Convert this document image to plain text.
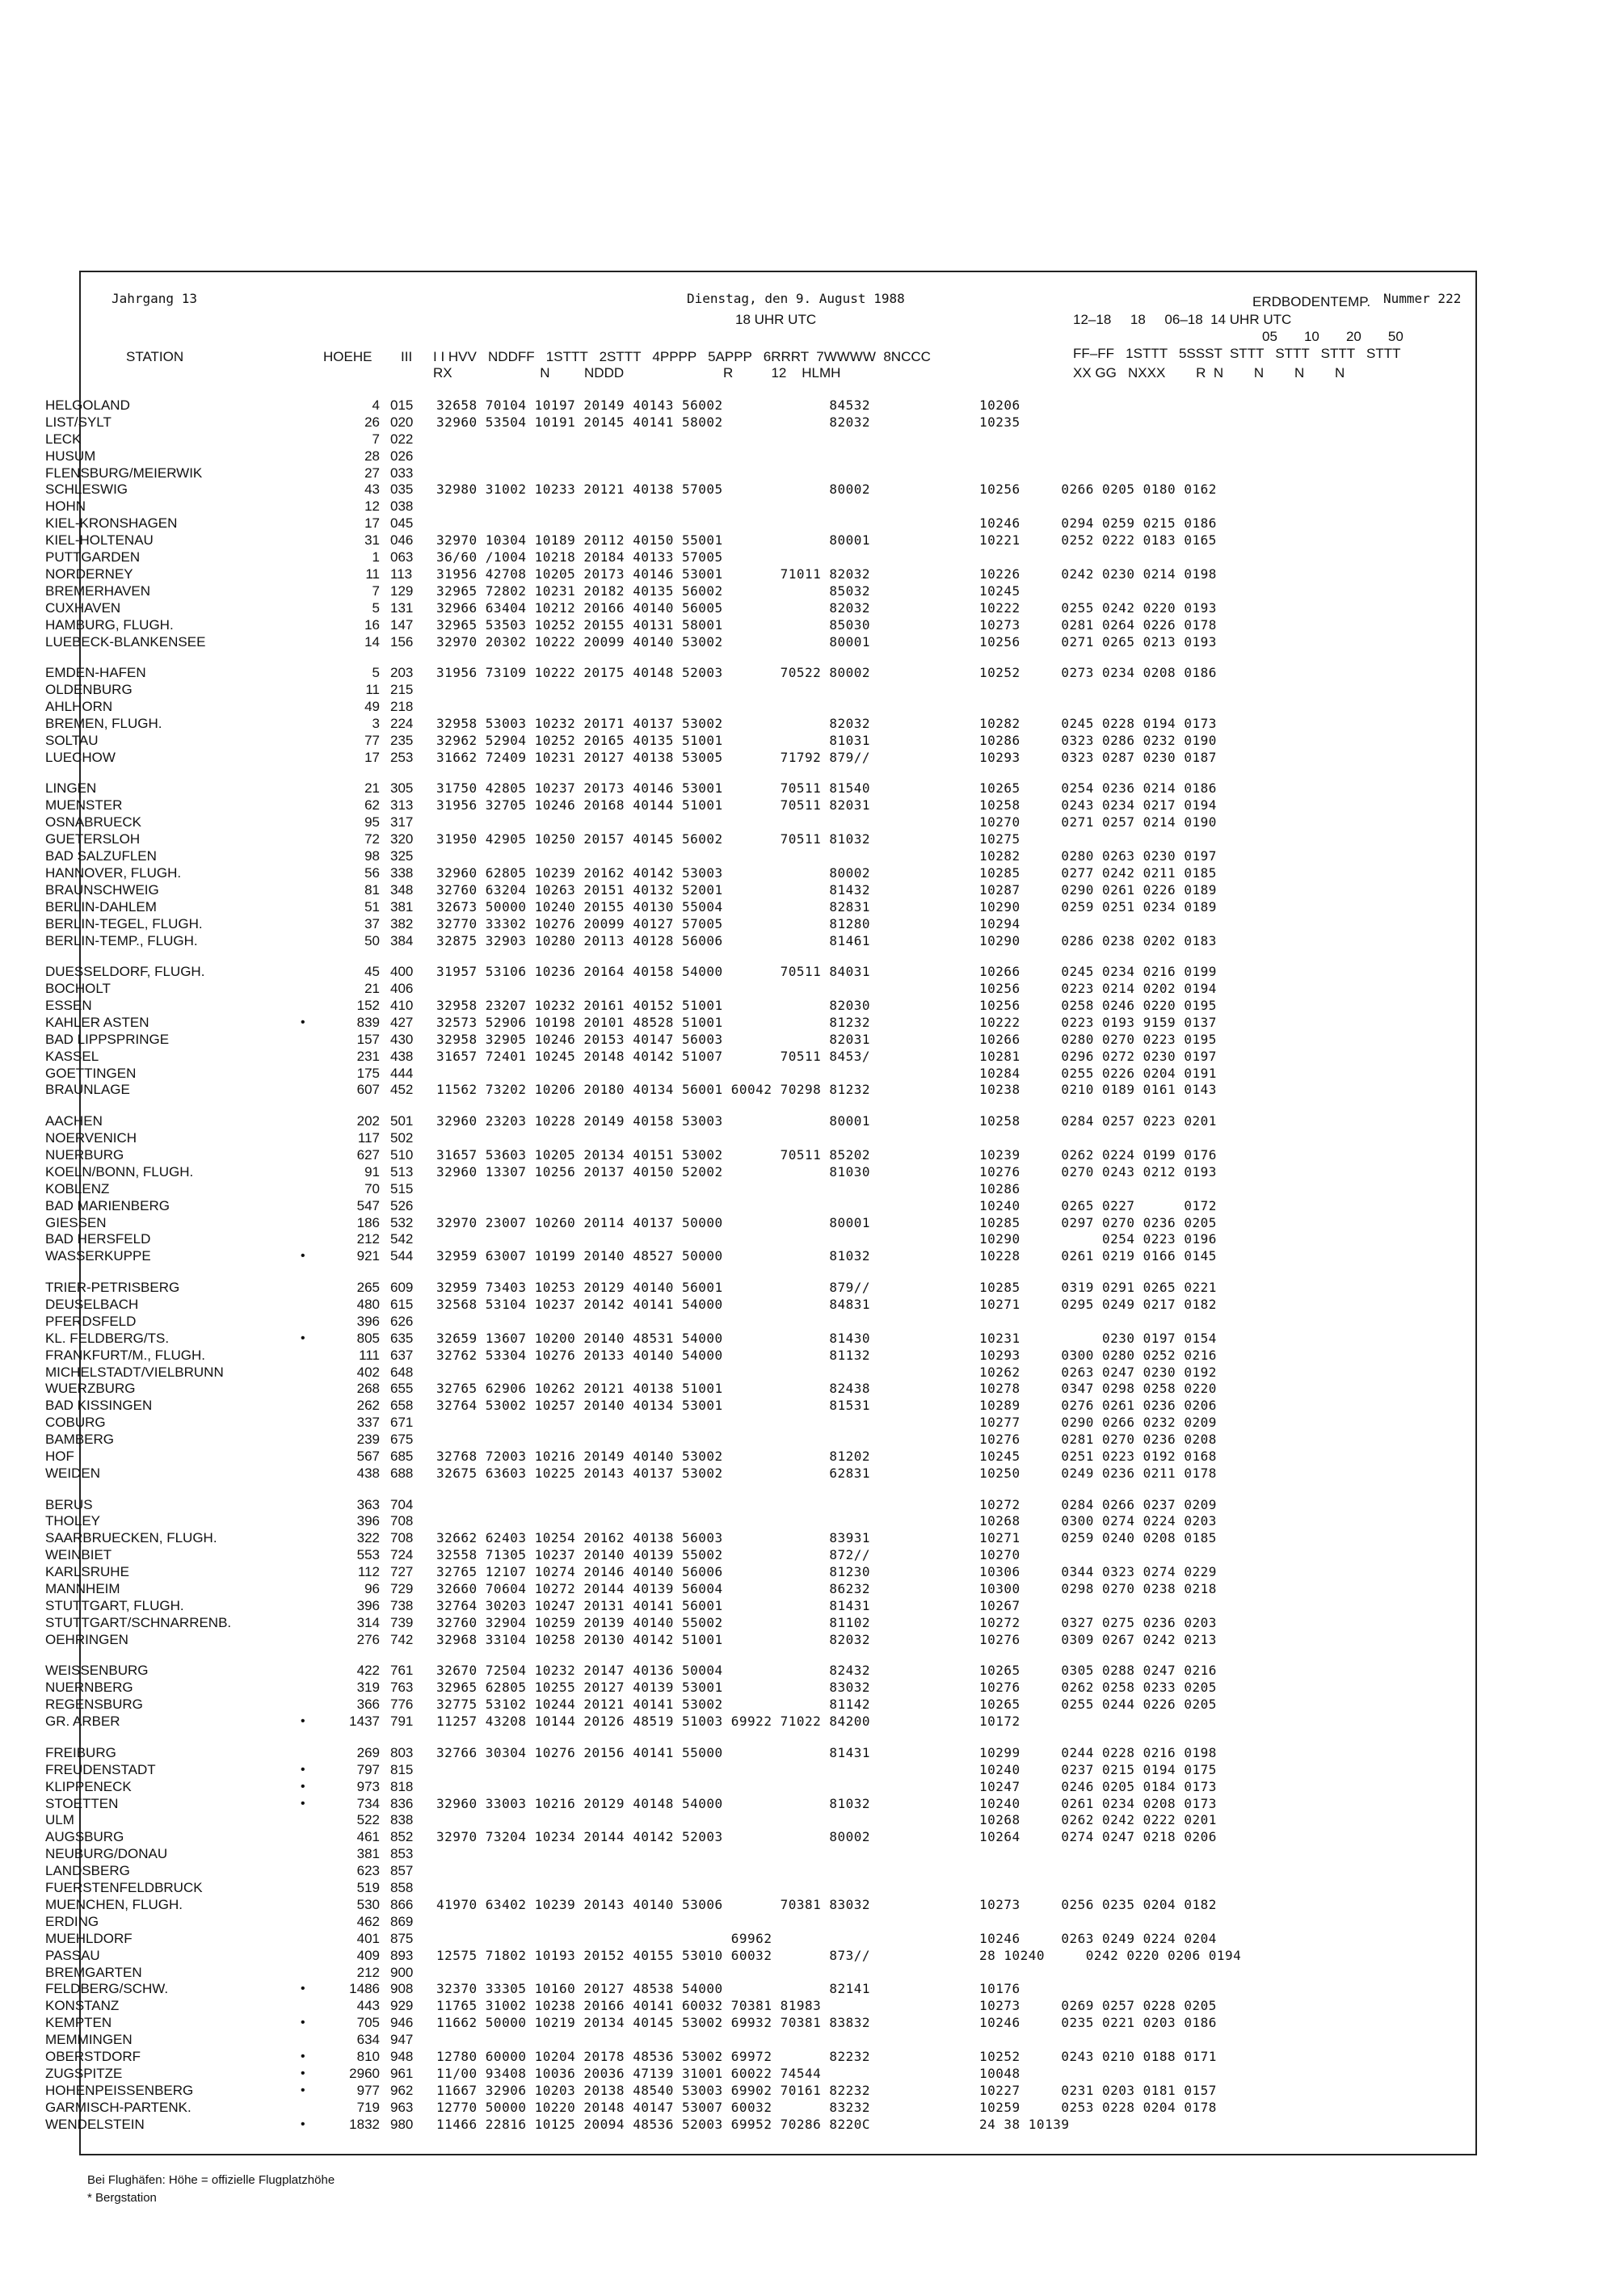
Jahrgang 13	Dienstag, den 9. August 1988
18 UHR UTC
ERDBODENTEMP. Nummer 222
12–18     18     06–18  14 UHR UTC
05       10       20       50
STATION	HOEHE III I I HVV   NDDFF   1STTT   2STTT   4PPPP   5APPP   6RRRT  7WWWW  8NCCC
RX                       N         NDDD                          R          12    HLMH
FF–FF   1STTT   5SSST  STTT   STTT   STTT   STTT
XX GG   NXXX        R  N        N        N        N
HELGOLAND	4 015 32658 70104 10197 20149 40143 56002             84532	10206
LIST/SYLT	26 020 32960 53504 10191 20145 40141 58002             82032	10235
LECK	7 022
HUSUM	28 026
FLENSBURG/MEIERWIK	27 033
SCHLESWIG	43 035 32980 31002 10233 20121 40138 57005             80002	10256     0266 0205 0180 0162
HOHN	12 038
KIEL-KRONSHAGEN	17 045	10246     0294 0259 0215 0186
KIEL-HOLTENAU	31 046 32970 10304 10189 20112 40150 55001             80001	10221     0252 0222 0183 0165
PUTTGARDEN	1 063 36/60 /1004 10218 20184 40133 57005
NORDERNEY	11 113 31956 42708 10205 20173 40146 53001       71011 82032	10226     0242 0230 0214 0198
BREMERHAVEN	7 129 32965 72802 10231 20182 40135 56002             85032	10245
CUXHAVEN	5 131 32966 63404 10212 20166 40140 56005             82032	10222     0255 0242 0220 0193
HAMBURG, FLUGH.	16 147 32965 53503 10252 20155 40131 58001             85030	10273     0281 0264 0226 0178
LUEBECK-BLANKENSEE	14 156 32970 20302 10222 20099 40140 53002             80001	10256     0271 0265 0213 0193
EMDEN-HAFEN	5 203 31956 73109 10222 20175 40148 52003       70522 80002	10252     0273 0234 0208 0186
OLDENBURG	11 215
AHLHORN	49 218
BREMEN, FLUGH.	3 224 32958 53003 10232 20171 40137 53002             82032	10282     0245 0228 0194 0173
SOLTAU	77 235 32962 52904 10252 20165 40135 51001             81031	10286     0323 0286 0232 0190
LUECHOW	17 253 31662 72409 10231 20127 40138 53005       71792 879//	10293     0323 0287 0230 0187
LINGEN	21 305 31750 42805 10237 20173 40146 53001       70511 81540	10265     0254 0236 0214 0186
MUENSTER	62 313 31956 32705 10246 20168 40144 51001       70511 82031	10258     0243 0234 0217 0194
OSNABRUECK	95 317	10270     0271 0257 0214 0190
GUETERSLOH	72 320 31950 42905 10250 20157 40145 56002       70511 81032	10275
BAD SALZUFLEN	98 325	10282     0280 0263 0230 0197
HANNOVER, FLUGH.	56 338 32960 62805 10239 20162 40142 53003             80002	10285     0277 0242 0211 0185
BRAUNSCHWEIG	81 348 32760 63204 10263 20151 40132 52001             81432	10287     0290 0261 0226 0189
BERLIN-DAHLEM	51 381 32673 50000 10240 20155 40130 55004             82831	10290     0259 0251 0234 0189
BERLIN-TEGEL, FLUGH.	37 382 32770 33302 10276 20099 40127 57005             81280	10294
BERLIN-TEMP., FLUGH.	50 384 32875 32903 10280 20113 40128 56006             81461	10290     0286 0238 0202 0183
DUESSELDORF, FLUGH.	45 400 31957 53106 10236 20164 40158 54000       70511 84031	10266     0245 0234 0216 0199
BOCHOLT	21 406	10256     0223 0214 0202 0194
ESSEN	152 410 32958 23207 10232 20161 40152 51001             82030	10256     0258 0246 0220 0195
KAHLER ASTEN	•	839 427 32573 52906 10198 20101 48528 51001             81232	10222     0223 0193 9159 0137
BAD LIPPSPRINGE	157 430 32958 32905 10246 20153 40147 56003             82031	10266     0280 0270 0223 0195
KASSEL	231 438 31657 72401 10245 20148 40142 51007       70511 8453/	10281     0296 0272 0230 0197
GOETTINGEN	175 444	10284     0255 0226 0204 0191
BRAUNLAGE	607 452 11562 73202 10206 20180 40134 56001 60042 70298 81232	10238     0210 0189 0161 0143
AACHEN	202 501 32960 23203 10228 20149 40158 53003             80001	10258     0284 0257 0223 0201
NOERVENICH	117 502
NUERBURG	627 510 31657 53603 10205 20134 40151 53002       70511 85202	10239     0262 0224 0199 0176
KOELN/BONN, FLUGH.	91 513 32960 13307 10256 20137 40150 52002             81030	10276     0270 0243 0212 0193
KOBLENZ	70 515	10286
BAD MARIENBERG	547 526	10240     0265 0227      0172
GIESSEN	186 532 32970 23007 10260 20114 40137 50000             80001	10285     0297 0270 0236 0205
BAD HERSFELD	212 542	10290          0254 0223 0196
WASSERKUPPE	•	921 544 32959 63007 10199 20140 48527 50000             81032	10228     0261 0219 0166 0145
TRIER-PETRISBERG	265 609 32959 73403 10253 20129 40140 56001             879//	10285     0319 0291 0265 0221
DEUSELBACH	480 615 32568 53104 10237 20142 40141 54000             84831	10271     0295 0249 0217 0182
PFERDSFELD	396 626
KL. FELDBERG/TS.	•	805 635 32659 13607 10200 20140 48531 54000             81430	10231          0230 0197 0154
FRANKFURT/M., FLUGH.	111 637 32762 53304 10276 20133 40140 54000             81132	10293     0300 0280 0252 0216
MICHELSTADT/VIELBRUNN	402 648	10262     0263 0247 0230 0192
WUERZBURG	268 655 32765 62906 10262 20121 40138 51001             82438	10278     0347 0298 0258 0220
BAD KISSINGEN	262 658 32764 53002 10257 20140 40134 53001             81531	10289     0276 0261 0236 0206
COBURG	337 671	10277     0290 0266 0232 0209
BAMBERG	239 675	10276     0281 0270 0236 0208
HOF	567 685 32768 72003 10216 20149 40140 53002             81202	10245     0251 0223 0192 0168
WEIDEN	438 688 32675 63603 10225 20143 40137 53002             62831	10250     0249 0236 0211 0178
BERUS	363 704	10272     0284 0266 0237 0209
THOLEY	396 708	10268     0300 0274 0224 0203
SAARBRUECKEN, FLUGH.	322 708 32662 62403 10254 20162 40138 56003             83931	10271     0259 0240 0208 0185
WEINBIET	553 724 32558 71305 10237 20140 40139 55002             872//	10270
KARLSRUHE	112 727 32765 12107 10274 20146 40140 56006             81230	10306     0344 0323 0274 0229
MANNHEIM	96 729 32660 70604 10272 20144 40139 56004             86232	10300     0298 0270 0238 0218
STUTTGART, FLUGH.	396 738 32764 30203 10247 20131 40141 56001             81431	10267
STUTTGART/SCHNARRENB.	314 739 32760 32904 10259 20139 40140 55002             81102	10272     0327 0275 0236 0203
OEHRINGEN	276 742 32968 33104 10258 20130 40142 51001             82032	10276     0309 0267 0242 0213
WEISSENBURG	422 761 32670 72504 10232 20147 40136 50004             82432	10265     0305 0288 0247 0216
NUERNBERG	319 763 32965 62805 10255 20127 40139 53001             83032	10276     0262 0258 0233 0205
REGENSBURG	366 776 32775 53102 10244 20121 40141 53002             81142	10265     0255 0244 0226 0205
GR. ARBER	•	1437 791 11257 43208 10144 20126 48519 51003 69922 71022 84200	10172
FREIBURG	269 803 32766 30304 10276 20156 40141 55000             81431	10299     0244 0228 0216 0198
FREUDENSTADT	•	797 815	10240     0237 0215 0194 0175
KLIPPENECK	•	973 818	10247     0246 0205 0184 0173
STOETTEN	•	734 836 32960 33003 10216 20129 40148 54000             81032	10240     0261 0234 0208 0173
ULM	522 838	10268     0262 0242 0222 0201
AUGSBURG	461 852 32970 73204 10234 20144 40142 52003             80002	10264     0274 0247 0218 0206
NEUBURG/DONAU	381 853
LANDSBERG	623 857
FUERSTENFELDBRUCK	519 858
MUENCHEN, FLUGH.	530 866 41970 63402 10239 20143 40140 53006       70381 83032	10273     0256 0235 0204 0182
ERDING	462 869
MUEHLDORF	401 875 69962	10246     0263 0249 0224 0204
PASSAU	409 893 12575 71802 10193 20152 40155 53010 60032       873//	28 10240     0242 0220 0206 0194
BREMGARTEN	212 900
FELDBERG/SCHW.	•	1486 908 32370 33305 10160 20127 48538 54000             82141	10176
KONSTANZ	443 929 11765 31002 10238 20166 40141 60032 70381 81983	10273     0269 0257 0228 0205
KEMPTEN	•	705 946 11662 50000 10219 20134 40145 53002 69932 70381 83832	10246     0235 0221 0203 0186
MEMMINGEN	634 947
OBERSTDORF	•	810 948 12780 60000 10204 20178 48536 53002 69972       82232	10252     0243 0210 0188 0171
ZUGSPITZE	•	2960 961 11/00 93408 10036 20036 47139 31001 60022 74544	10048
HOHENPEISSENBERG	•	977 962 11667 32906 10203 20138 48540 53003 69902 70161 82232	10227     0231 0203 0181 0157
GARMISCH-PARTENK.	719 963 12770 50000 10220 20148 40147 53007 60032       83232	10259     0253 0228 0204 0178
WENDELSTEIN	•	1832 980 11466 22816 10125 20094 48536 52003 69952 70286 8220C	24 38 10139
Bei Flughäfen: Höhe = offizielle Flugplatzhöhe
* Bergstation
